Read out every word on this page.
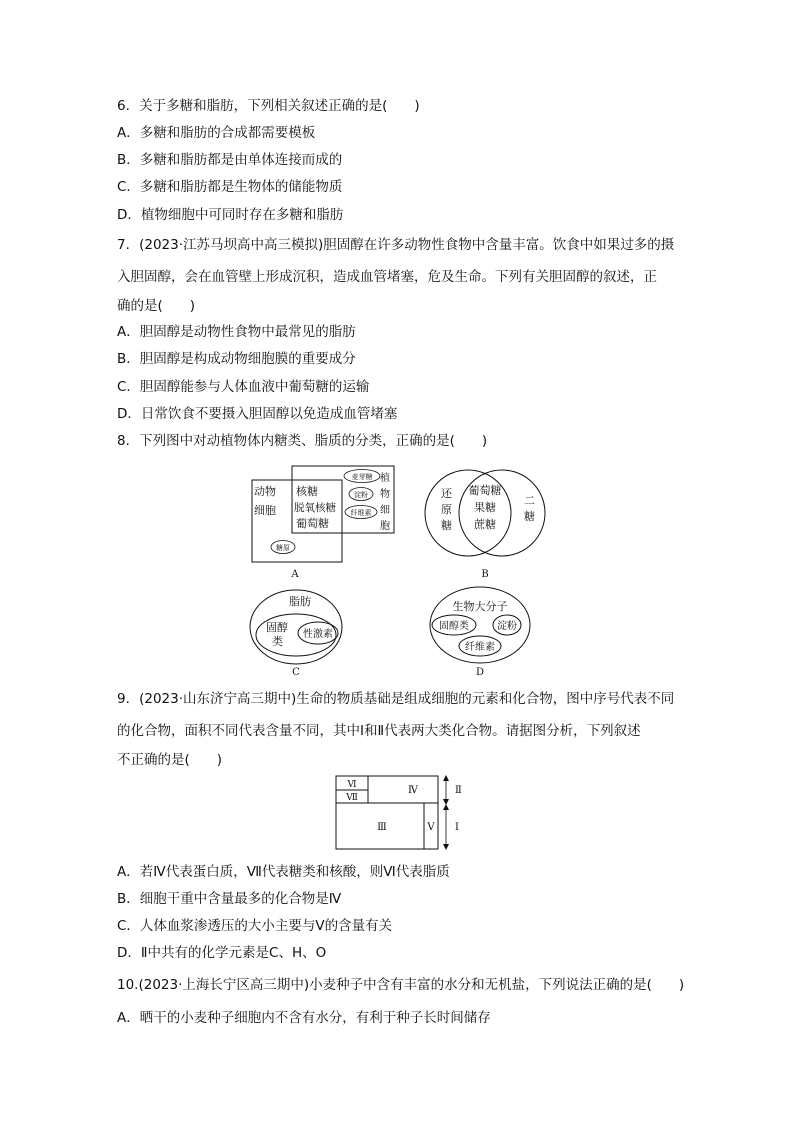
6．关于多糖和脂肪，下列相关叙述正确的是(　　)
A．多糖和脂肪的合成都需要模板
B．多糖和脂肪都是由单体连接而成的
C．多糖和脂肪都是生物体的储能物质
D．植物细胞中可同时存在多糖和脂肪
7．(2023·江苏马坝高中高三模拟)胆固醇在许多动物性食物中含量丰富。饮食中如果过多的摄
入胆固醇，会在血管壁上形成沉积，造成血管堵塞，危及生命。下列有关胆固醇的叙述，正
确的是(　　)
A．胆固醇是动物性食物中最常见的脂肪
B．胆固醇是构成动物细胞膜的重要成分
C．胆固醇能参与人体血液中葡萄糖的运输
D．日常饮食不要摄入胆固醇以免造成血管堵塞
8．下列图中对动植物体内糖类、脂质的分类，正确的是(　　)
动物
细胞
核糖
脱氧核糖
葡萄糖
麦芽糖
淀粉
纤维素
植
物
细
胞
糖原
A
还
原
糖
葡萄糖
果糖
蔗糖
二
糖
B
脂肪
固醇
类
性激素
C
生物大分子
固醇类	淀粉
纤维素
D
9．(2023·山东济宁高三期中)生命的物质基础是组成细胞的元素和化合物，图中序号代表不同
的化合物，面积不同代表含量不同，其中Ⅰ和Ⅱ代表两大类化合物。请据图分析，下列叙述
不正确的是(　　)
Ⅵ
Ⅶ
Ⅳ
Ⅲ	Ⅴ
Ⅱ
Ⅰ
A．若Ⅳ代表蛋白质，Ⅶ代表糖类和核酸，则Ⅵ代表脂质
B．细胞干重中含量最多的化合物是Ⅳ
C．人体血浆渗透压的大小主要与Ⅴ的含量有关
D．Ⅱ中共有的化学元素是C、H、O
10.(2023·上海长宁区高三期中)小麦种子中含有丰富的水分和无机盐，下列说法正确的是(　　)
A．晒干的小麦种子细胞内不含有水分，有利于种子长时间储存
